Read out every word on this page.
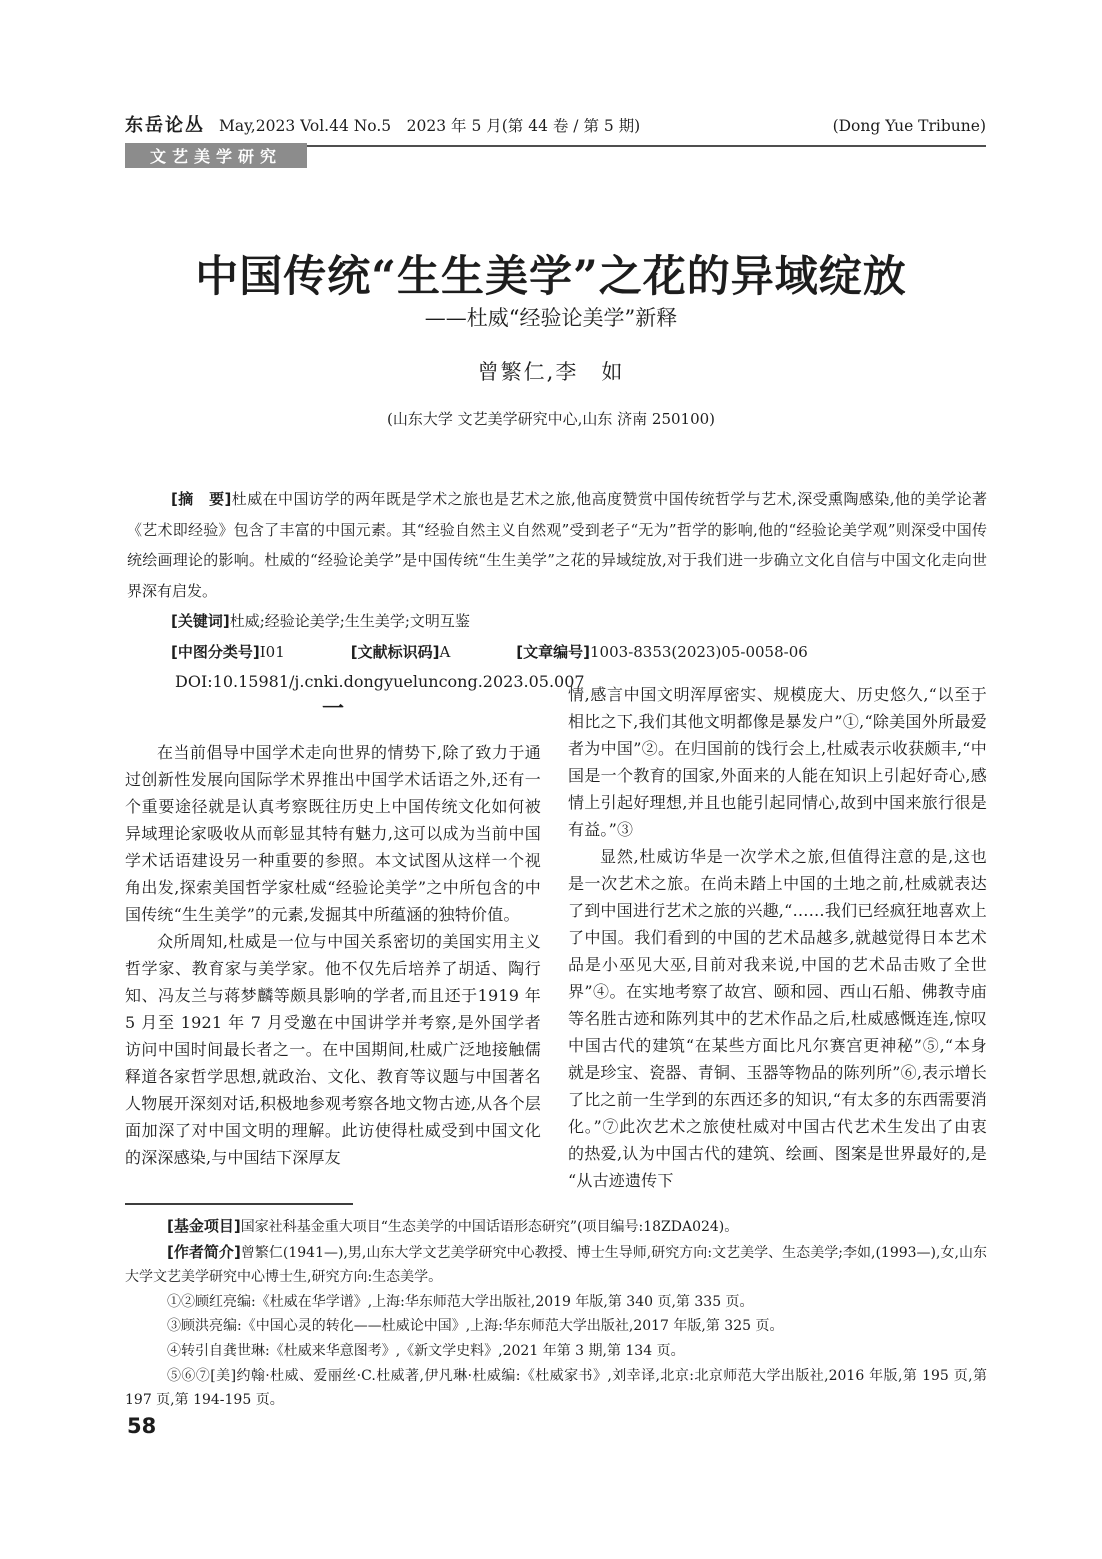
东岳论丛 May,2023 Vol.44 No.5　2023 年 5 月(第 44 卷 / 第 5 期)	(Dong Yue Tribune)
文艺美学研究
中国传统“生生美学”之花的异域绽放
——杜威“经验论美学”新释
曾繁仁,李　如
(山东大学 文艺美学研究中心,山东 济南 250100)

[摘　要]杜威在中国访学的两年既是学术之旅也是艺术之旅,他高度赞赏中国传统哲学与艺术,深受熏陶感染,他的美学论著《艺术即经验》包含了丰富的中国元素。其“经验自然主义自然观”受到老子“无为”哲学的影响,他的“经验论美学观”则深受中国传统绘画理论的影响。杜威的“经验论美学”是中国传统“生生美学”之花的异域绽放,对于我们进一步确立文化自信与中国文化走向世界深有启发。

[关键词]杜威;经验论美学;生生美学;文明互鉴

[中图分类号]I01	[文献标识码]A	[文章编号]1003-8353(2023)05-0058-06

DOI:10.15981/j.cnki.dongyueluncong.2023.05.007

一

在当前倡导中国学术走向世界的情势下,除了致力于通过创新性发展向国际学术界推出中国学术话语之外,还有一个重要途径就是认真考察既往历史上中国传统文化如何被异域理论家吸收从而彰显其特有魅力,这可以成为当前中国学术话语建设另一种重要的参照。本文试图从这样一个视角出发,探索美国哲学家杜威“经验论美学”之中所包含的中国传统“生生美学”的元素,发掘其中所蕴涵的独特价值。

众所周知,杜威是一位与中国关系密切的美国实用主义哲学家、教育家与美学家。他不仅先后培养了胡适、陶行知、冯友兰与蒋梦麟等颇具影响的学者,而且还于1919 年 5 月至 1921 年 7 月受邀在中国讲学并考察,是外国学者访问中国时间最长者之一。在中国期间,杜威广泛地接触儒释道各家哲学思想,就政治、文化、教育等议题与中国著名人物展开深刻对话,积极地参观考察各地文物古迹,从各个层面加深了对中国文明的理解。此访使得杜威受到中国文化的深深感染,与中国结下深厚友

情,感言中国文明浑厚密实、规模庞大、历史悠久,“以至于相比之下,我们其他文明都像是暴发户”①,“除美国外所最爱者为中国”②。在归国前的饯行会上,杜威表示收获颇丰,“中国是一个教育的国家,外面来的人能在知识上引起好奇心,感情上引起好理想,并且也能引起同情心,故到中国来旅行很是有益。”③

显然,杜威访华是一次学术之旅,但值得注意的是,这也是一次艺术之旅。在尚未踏上中国的土地之前,杜威就表达了到中国进行艺术之旅的兴趣,“……我们已经疯狂地喜欢上了中国。我们看到的中国的艺术品越多,就越觉得日本艺术品是小巫见大巫,目前对我来说,中国的艺术品击败了全世界”④。在实地考察了故宫、颐和园、西山石船、佛教寺庙等名胜古迹和陈列其中的艺术作品之后,杜威感慨连连,惊叹中国古代的建筑“在某些方面比凡尔赛宫更神秘”⑤,“本身就是珍宝、瓷器、青铜、玉器等物品的陈列所”⑥,表示增长了比之前一生学到的东西还多的知识,“有太多的东西需要消化。”⑦此次艺术之旅使杜威对中国古代艺术生发出了由衷的热爱,认为中国古代的建筑、绘画、图案是世界最好的,是“从古迹遗传下

[基金项目]国家社科基金重大项目“生态美学的中国话语形态研究”(项目编号:18ZDA024)。

[作者简介]曾繁仁(1941—),男,山东大学文艺美学研究中心教授、博士生导师,研究方向:文艺美学、生态美学;李如,(1993—),女,山东大学文艺美学研究中心博士生,研究方向:生态美学。

①②顾红亮编:《杜威在华学谱》,上海:华东师范大学出版社,2019 年版,第 340 页,第 335 页。

③顾洪亮编:《中国心灵的转化——杜威论中国》,上海:华东师范大学出版社,2017 年版,第 325 页。

④转引自龚世琳:《杜威来华意图考》,《新文学史料》,2021 年第 3 期,第 134 页。

⑤⑥⑦[美]约翰·杜威、爱丽丝·C.杜威著,伊凡琳·杜威编:《杜威家书》,刘幸译,北京:北京师范大学出版社,2016 年版,第 195 页,第 197 页,第 194-195 页。

58
